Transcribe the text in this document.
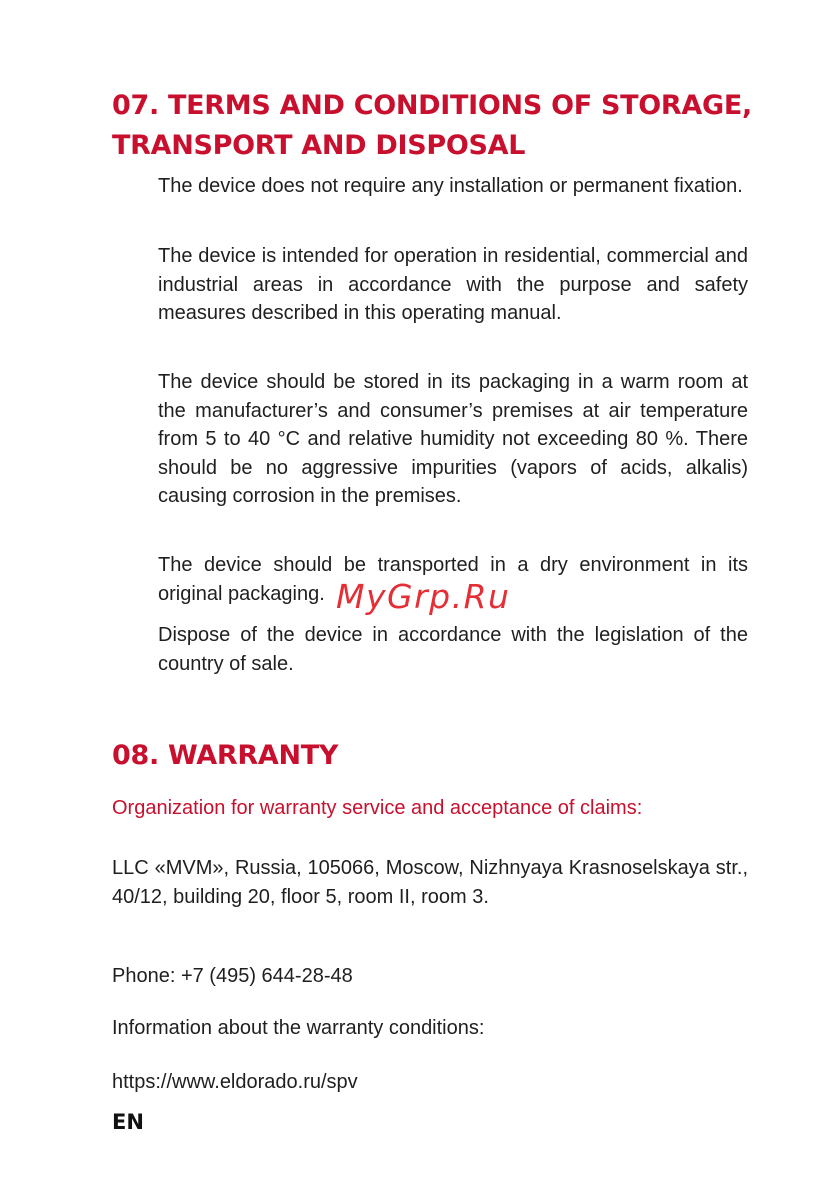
07. TERMS AND CONDITIONS OF STORAGE, TRANSPORT AND DISPOSAL

The device does not require any installation or permanent fixation.

The device is intended for operation in residential, commercial and industrial areas in accordance with the purpose and safety measures described in this operating manual.

The device should be stored in its packaging in a warm room at the manufacturer’s and consumer’s premises at air temperature from 5 to 40 °C and relative humidity not exceeding 80 %. There should be no aggressive impurities (vapors of acids, alkalis) causing corrosion in the premises.

The device should be transported in a dry environment in its original packaging.

Dispose of the device in accordance with the legislation of the country of sale.

MyGrp.Ru
08. WARRANTY

Organization for warranty service and acceptance of claims:

LLC «MVM», Russia, 105066, Moscow, Nizhnyaya Krasnoselskaya str., 40/12, building 20, floor 5, room II, room 3.

Phone: +7 (495) 644-28-48

Information about the warranty conditions:

https://www.eldorado.ru/spv

EN
